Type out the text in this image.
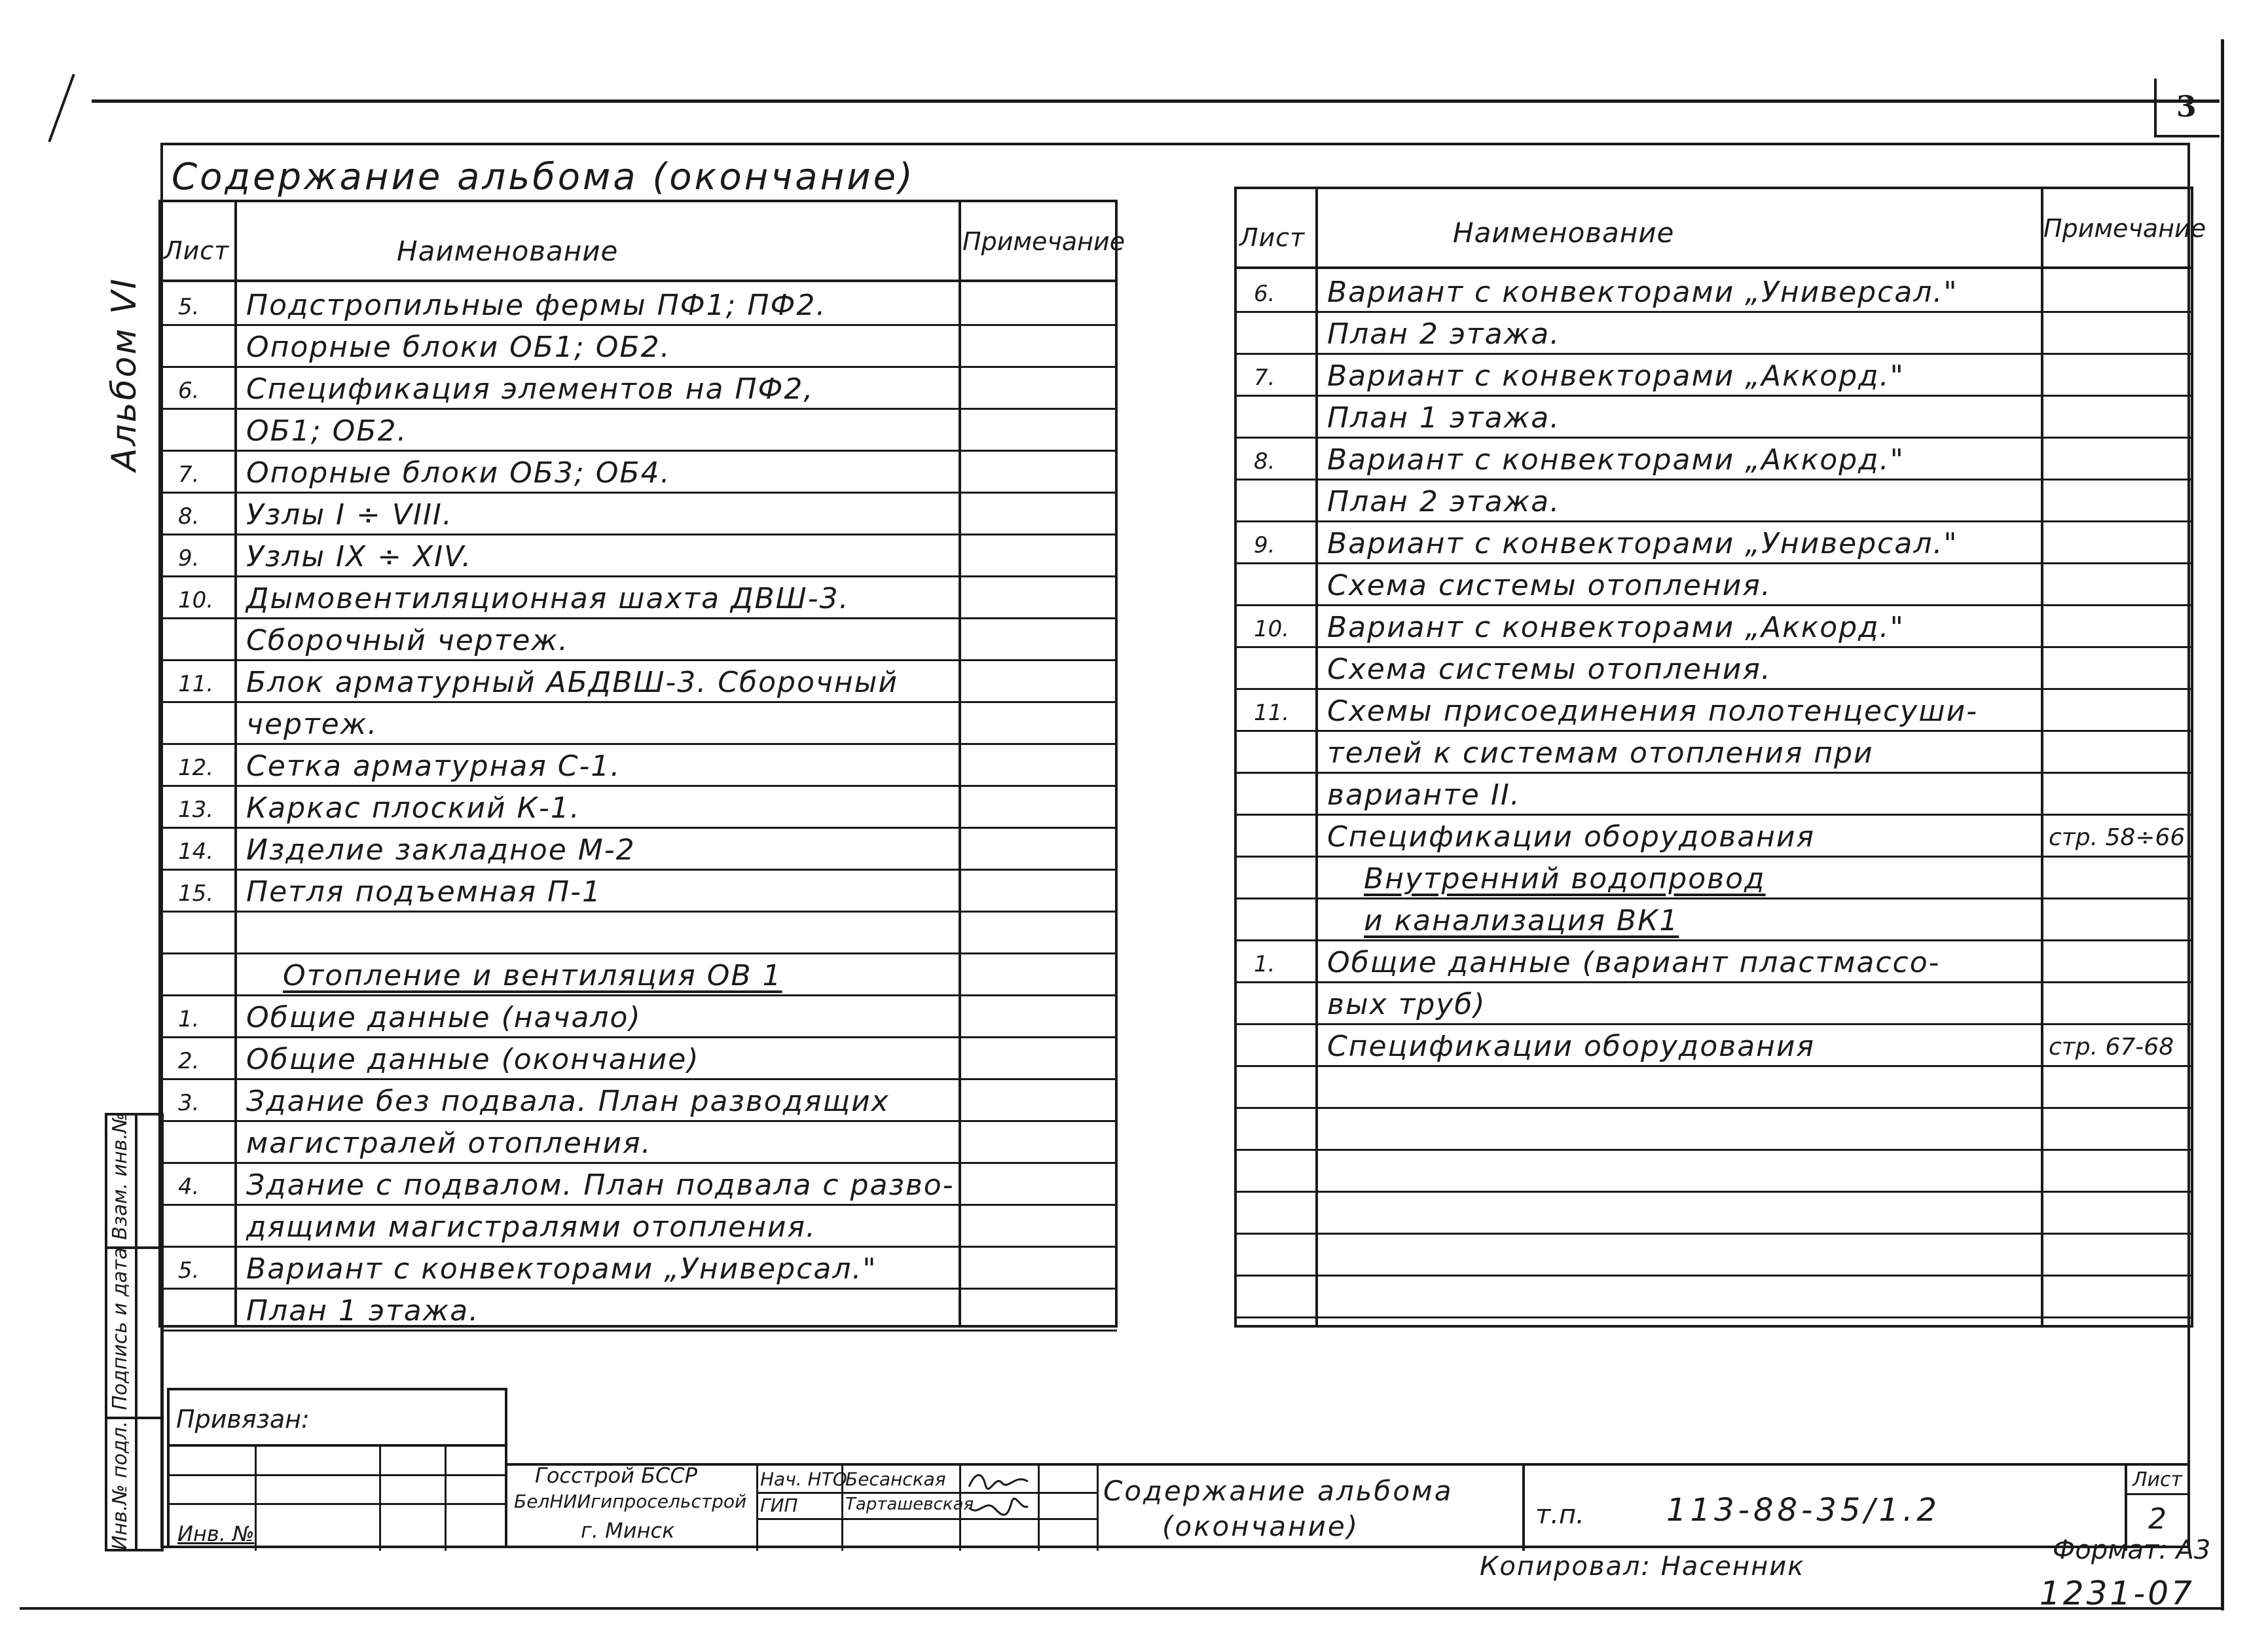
3
Альбом VI
Содержание альбома (окончание)
Лист	Наименование	Примечание
5. Подстропильные фермы ПФ1; ПФ2.
Опорные блоки ОБ1; ОБ2.
6. Спецификация элементов на ПФ2,
ОБ1; ОБ2.
7. Опорные блоки ОБ3; ОБ4.
8. Узлы I ÷ VIII.
9. Узлы IX ÷ XIV.
10. Дымовентиляционная шахта ДВШ-3.
Сборочный чертеж.
11. Блок арматурный АБДВШ-3. Сборочный
чертеж.
12. Сетка арматурная С-1.
13. Каркас плоский К-1.
14. Изделие закладное М-2
15. Петля подъемная П-1
Отопление и вентиляция ОВ 1
1. Общие данные (начало)
2. Общие данные (окончание)
3. Здание без подвала. План разводящих
магистралей отопления.
4. Здание с подвалом. План подвала с разво-
дящими магистралями отопления.
5. Вариант с конвекторами „Универсал."
План 1 этажа.
Лист	Наименование	Примечание
6. Вариант с конвекторами „Универсал."
План 2 этажа.
7. Вариант с конвекторами „Аккорд."
План 1 этажа.
8. Вариант с конвекторами „Аккорд."
План 2 этажа.
9. Вариант с конвекторами „Универсал."
Схема системы отопления.
10. Вариант с конвекторами „Аккорд."
Схема системы отопления.
11. Схемы присоединения полотенцесуши-
телей к системам отопления при
варианте II.
Спецификации оборудования	стр. 58÷66
Внутренний водопровод
и канализация ВК1
1. Общие данные (вариант пластмассо-
вых труб)
Спецификации оборудования	стр. 67-68
Взам. инв.№
Подпись и дата
Инв.№ подл.
Привязан:
Инв. №
Госстрой БССР
БелНИИгипросельстрой
г. Минск
Нач. НТО
ГИП
Бесанская
Тарташевская	Содержание альбома
(окончание)	т.п.	113-88-35/1.2
Лист
2
Копировал: Насенник
Формат: А3
1231-07
